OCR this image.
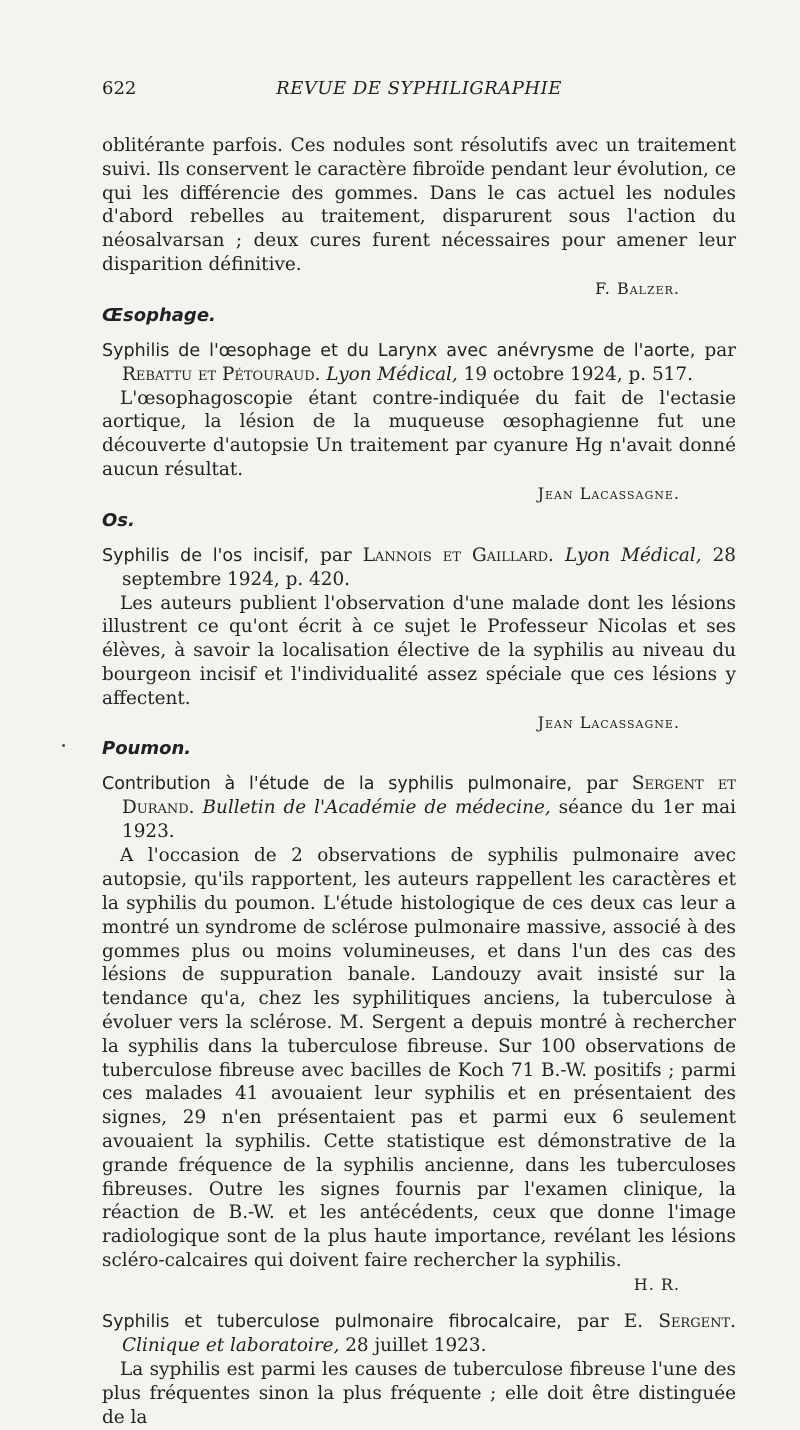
622	REVUE DE SYPHILIGRAPHIE

oblitérante parfois. Ces nodules sont résolutifs avec un traitement suivi. Ils conservent le caractère fibroïde pendant leur évolution, ce qui les différencie des gommes. Dans le cas actuel les nodules d'abord rebelles au traitement, disparurent sous l'action du néosalvarsan ; deux cures furent nécessaires pour amener leur disparition définitive.

F. Balzer.
Œsophage.
Syphilis de l'œsophage et du Larynx avec anévrysme de l'aorte, par Rebattu et Pétouraud. Lyon Médical, 19 octobre 1924, p. 517.

L'œsophagoscopie étant contre-indiquée du fait de l'ectasie aortique, la lésion de la muqueuse œsophagienne fut une découverte d'autopsie Un traitement par cyanure Hg n'avait donné aucun résultat.

Jean Lacassagne.
Os.
Syphilis de l'os incisif, par Lannois et Gaillard. Lyon Médical, 28 septembre 1924, p. 420.

Les auteurs publient l'observation d'une malade dont les lésions illustrent ce qu'ont écrit à ce sujet le Professeur Nicolas et ses élèves, à savoir la localisation élective de la syphilis au niveau du bourgeon incisif et l'individualité assez spéciale que ces lésions y affectent.

Jean Lacassagne.
Poumon.
Contribution à l'étude de la syphilis pulmonaire, par Sergent et Durand. Bulletin de l'Académie de médecine, séance du 1er mai 1923.

A l'occasion de 2 observations de syphilis pulmonaire avec autopsie, qu'ils rapportent, les auteurs rappellent les caractères et la syphilis du poumon. L'étude histologique de ces deux cas leur a montré un syndrome de sclérose pulmonaire massive, associé à des gommes plus ou moins volumineuses, et dans l'un des cas des lésions de suppuration banale. Landouzy avait insisté sur la tendance qu'a, chez les syphilitiques anciens, la tuberculose à évoluer vers la sclérose. M. Sergent a depuis montré à rechercher la syphilis dans la tuberculose fibreuse. Sur 100 observations de tuberculose fibreuse avec bacilles de Koch 71 B.-W. positifs ; parmi ces malades 41 avouaient leur syphilis et en présentaient des signes, 29 n'en présentaient pas et parmi eux 6 seulement avouaient la syphilis. Cette statistique est démonstrative de la grande fréquence de la syphilis ancienne, dans les tuberculoses fibreuses. Outre les signes fournis par l'examen clinique, la réaction de B.-W. et les antécédents, ceux que donne l'image radiologique sont de la plus haute importance, revélant les lésions scléro-calcaires qui doivent faire rechercher la syphilis.

H. R.
Syphilis et tuberculose pulmonaire fibrocalcaire, par E. Sergent. Clinique et laboratoire, 28 juillet 1923.

La syphilis est parmi les causes de tuberculose fibreuse l'une des plus fréquentes sinon la plus fréquente ; elle doit être distinguée de la
